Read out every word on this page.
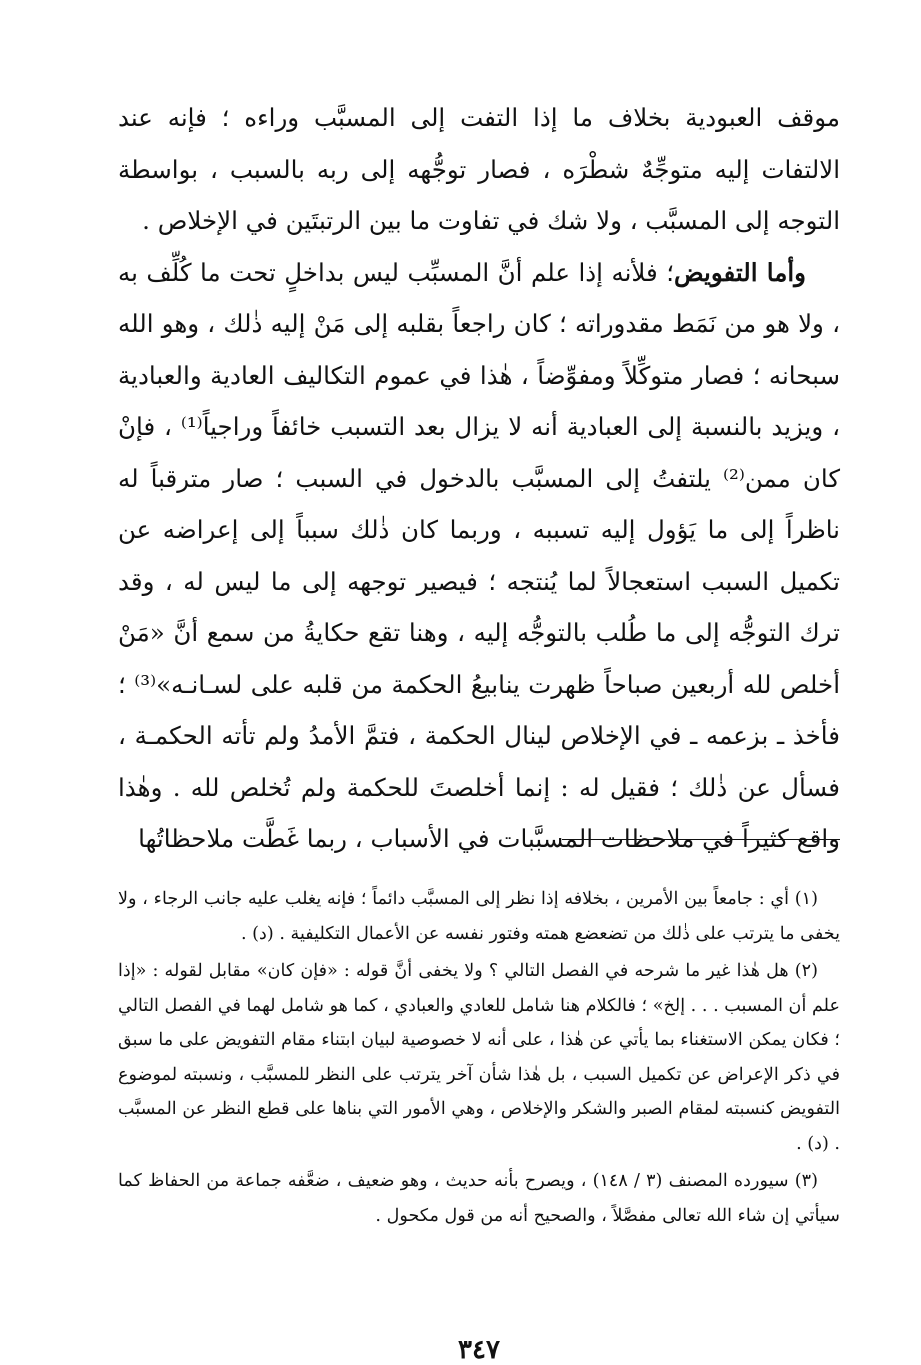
موقف العبودية بخلاف ما إذا التفت إلى المسبَّب وراءه ؛ فإنه عند الالتفات إليه متوجِّهٌ شطْرَه ، فصار توجُّهه إلى ربه بالسبب ، بواسطة التوجه إلى المسبَّب ، ولا شك في تفاوت ما بين الرتبتَين في الإخلاص .

وأما التفويض؛ فلأنه إذا علم أنَّ المسبِّب ليس بداخلٍ تحت ما كُلِّف به ، ولا هو من نَمَط مقدوراته ؛ كان راجعاً بقلبه إلى مَنْ إليه ذٰلك ، وهو الله سبحانه ؛ فصار متوكِّلاً ومفوِّضاً ، هٰذا في عموم التكاليف العادية والعبادية ، ويزيد بالنسبة إلى العبادية أنه لا يزال بعد التسبب خائفاً وراجياً⁽¹⁾ ، فإنْ كان ممن⁽²⁾ يلتفتُ إلى المسبَّب بالدخول في السبب ؛ صار مترقباً له ناظراً إلى ما يَؤول إليه تسببه ، وربما كان ذٰلك سبباً إلى إعراضه عن تكميل السبب استعجالاً لما يُنتجه ؛ فيصير توجهه إلى ما ليس له ، وقد ترك التوجُّه إلى ما طُلب بالتوجُّه إليه ، وهنا تقع حكايةُ من سمع أنَّ «مَنْ أخلص لله أربعين صباحاً ظهرت ينابيعُ الحكمة من قلبه على لسـانـه»⁽³⁾ ؛ فأخذ ـ بزعمه ـ في الإخلاص لينال الحكمة ، فتمَّ الأمدُ ولم تأته الحكمـة ، فسأل عن ذٰلك ؛ فقيل له : إنما أخلصتَ للحكمة ولم تُخلص لله . وهٰذا واقع كثيراً في ملاحظات المسبَّبات في الأسباب ، ربما غَطَّت ملاحظاتُها

(١) أي : جامعاً بين الأمرين ، بخلافه إذا نظر إلى المسبَّب دائماً ؛ فإنه يغلب عليه جانب الرجاء ، ولا يخفى ما يترتب على ذٰلك من تضعضع همته وفتور نفسه عن الأعمال التكليفية . (د) .

(٢) هل هٰذا غير ما شرحه في الفصل التالي ؟ ولا يخفى أنَّ قوله : «فإن كان» مقابل لقوله : «إذا علم أن المسبب . . . إلخ» ؛ فالكلام هنا شامل للعادي والعبادي ، كما هو شامل لهما في الفصل التالي ؛ فكان يمكن الاستغناء بما يأتي عن هٰذا ، على أنه لا خصوصية لبيان ابتناء مقام التفويض على ما سبق في ذكر الإعراض عن تكميل السبب ، بل هٰذا شأن آخر يترتب على النظر للمسبَّب ، ونسبته لموضوع التفويض كنسبته لمقام الصبر والشكر والإخلاص ، وهي الأمور التي بناها على قطع النظر عن المسبَّب . (د) .

(٣) سيورده المصنف (٣ / ١٤٨) ، ويصرح بأنه حديث ، وهو ضعيف ، ضعَّفه جماعة من الحفاظ كما سيأتي إن شاء الله تعالى مفصَّلاً ، والصحيح أنه من قول مكحول .

٣٤٧
